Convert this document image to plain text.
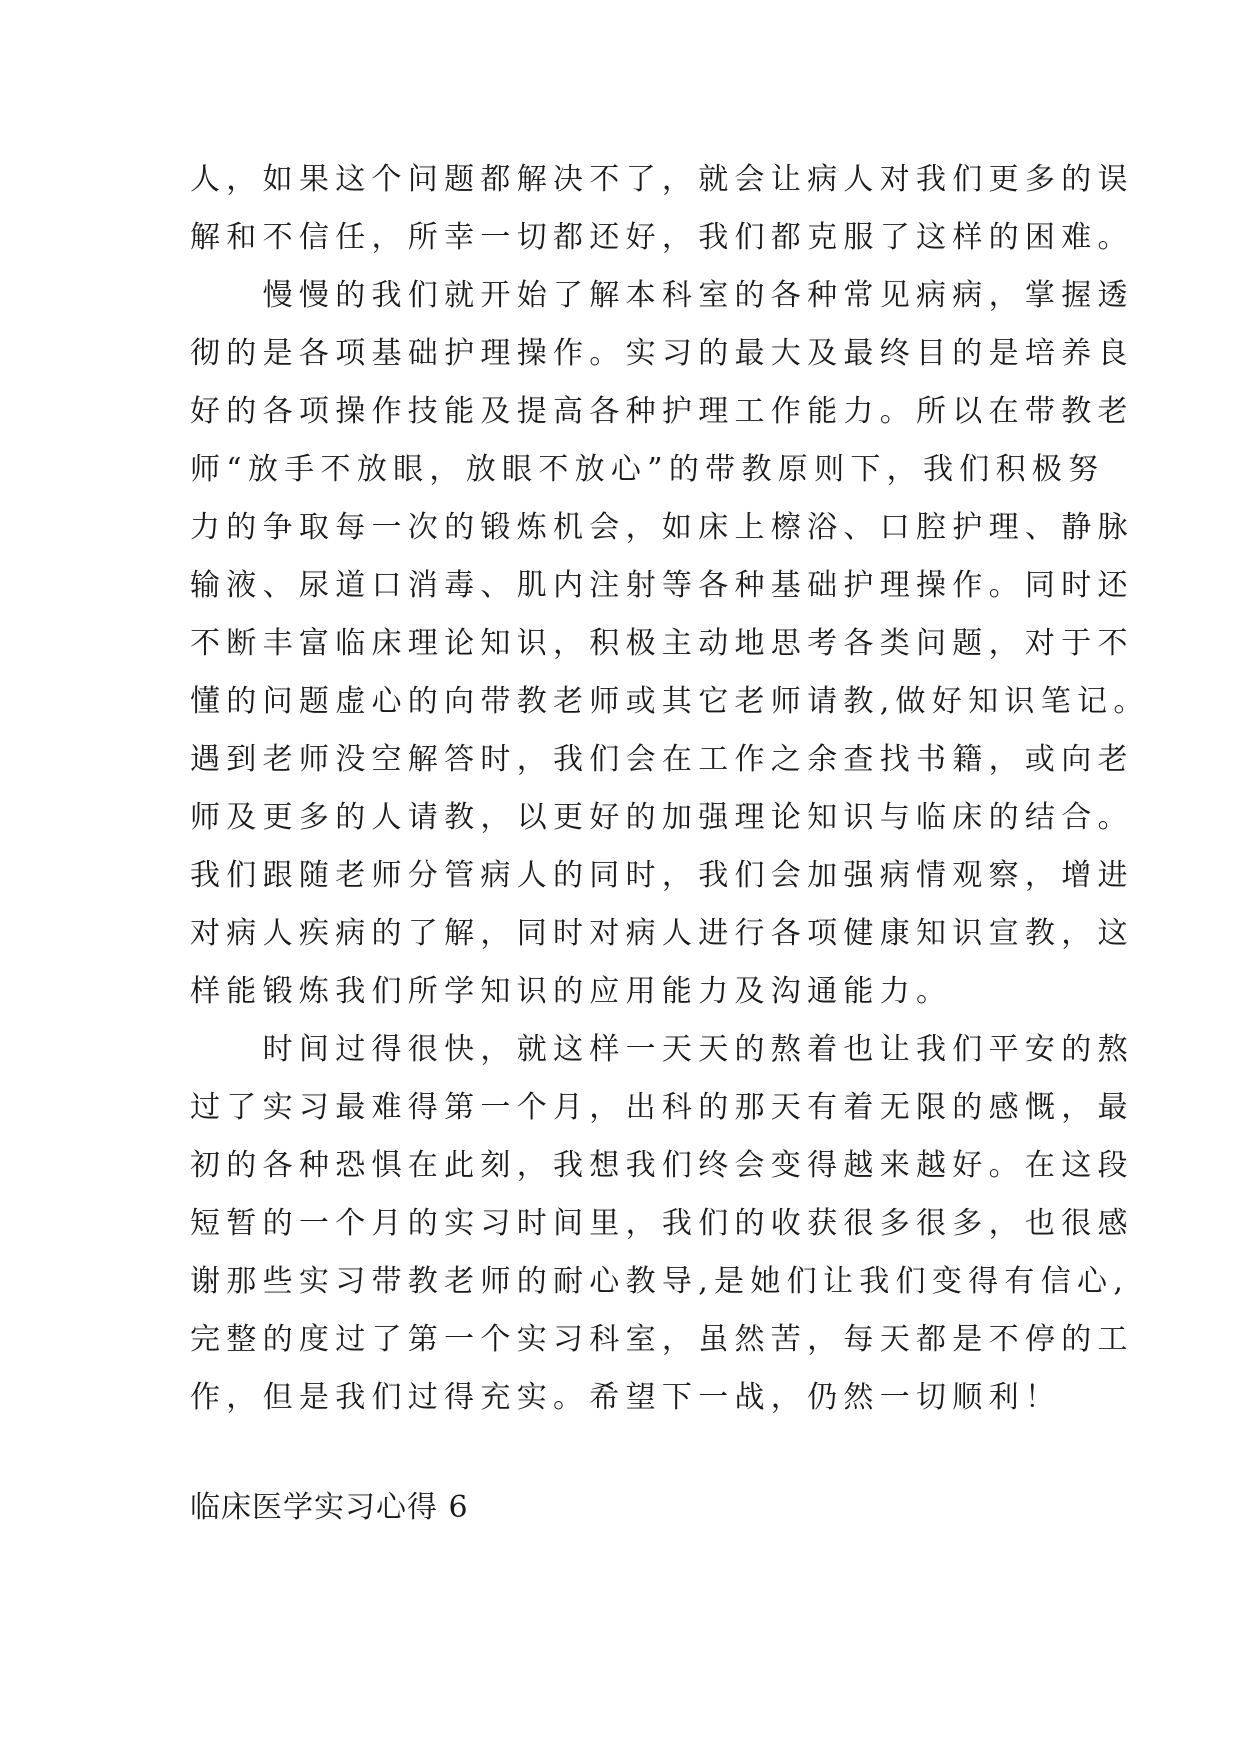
人，如果这个问题都解决不了，就会让病人对我们更多的误
解和不信任，所幸一切都还好，我们都克服了这样的困难。
　　慢慢的我们就开始了解本科室的各种常见病病，掌握透
彻的是各项基础护理操作。实习的最大及最终目的是培养良
好的各项操作技能及提高各种护理工作能力。所以在带教老
师“放手不放眼，放眼不放心”的带教原则下，我们积极努
力的争取每一次的锻炼机会，如床上檫浴、口腔护理、静脉
输液、尿道口消毒、肌内注射等各种基础护理操作。同时还
不断丰富临床理论知识，积极主动地思考各类问题，对于不
懂的问题虚心的向带教老师或其它老师请教,做好知识笔记。
遇到老师没空解答时，我们会在工作之余查找书籍，或向老
师及更多的人请教，以更好的加强理论知识与临床的结合。
我们跟随老师分管病人的同时，我们会加强病情观察，增进
对病人疾病的了解，同时对病人进行各项健康知识宣教，这
样能锻炼我们所学知识的应用能力及沟通能力。
　　时间过得很快，就这样一天天的熬着也让我们平安的熬
过了实习最难得第一个月，出科的那天有着无限的感慨，最
初的各种恐惧在此刻，我想我们终会变得越来越好。在这段
短暂的一个月的实习时间里，我们的收获很多很多，也很感
谢那些实习带教老师的耐心教导,是她们让我们变得有信心,
完整的度过了第一个实习科室，虽然苦，每天都是不停的工
作，但是我们过得充实。希望下一战，仍然一切顺利！
临床医学实习心得 6
